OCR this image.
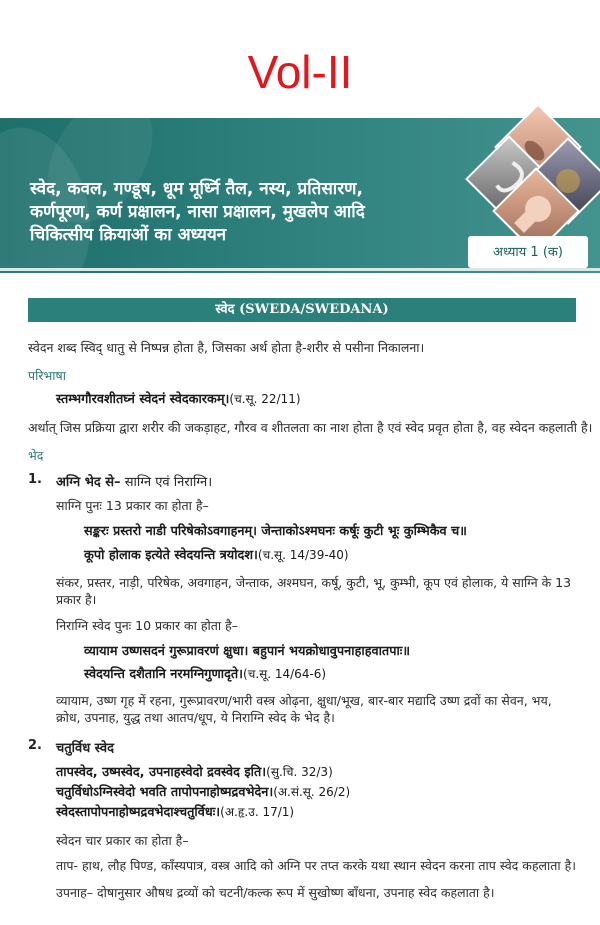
Vol-II
स्वेद, कवल, गण्डूष, धूम मूर्ध्नि तैल, नस्य, प्रतिसारण,
कर्णपूरण, कर्ण प्रक्षालन, नासा प्रक्षालन, मुखलेप आदि
चिकित्सीय क्रियाओं का अध्ययन
अध्याय 1 (क)
स्वेद (SWEDA/SWEDANA)
स्वेदन शब्द स्विद् धातु से निष्पन्न होता है, जिसका अर्थ होता है-शरीर से पसीना निकालना।
परिभाषा
स्तम्भगौरवशीतघ्नं स्वेदनं स्वेदकारकम्।(च.सू. 22/11)
अर्थात् जिस प्रक्रिया द्वारा शरीर की जकड़ाहट, गौरव व शीतलता का नाश होता है एवं स्वेद प्रवृत होता है, वह स्वेदन कहलाती है।
भेद
1. अग्नि भेद से– साग्नि एवं निराग्नि।
साग्नि पुनः 13 प्रकार का होता है–
सङ्करः प्रस्तरो नाडी परिषेकोऽवगाहनम्। जेन्ताकोऽश्मघनः कर्षूः कुटी भूः कुम्भिकैव च॥
कूपो होलाक इत्येते स्वेदयन्ति त्रयोदश।(च.सू. 14/39-40)
संकर, प्रस्तर, नाड़ी, परिषेक, अवगाहन, जेन्ताक, अश्मघन, कर्षू, कुटी, भू, कुम्भी, कूप एवं होलाक, ये साग्नि के 13 प्रकार है।
निराग्नि स्वेद पुनः 10 प्रकार का होता है–
व्यायाम उष्णसदनं गुरूप्रावरणं क्षुधा। बहुपानं भयक्रोधावुपनाहाहवातपाः॥
स्वेदयन्ति दशैतानि नरमग्निगुणादृते।(च.सू. 14/64-6)
व्यायाम, उष्ण गृह में रहना, गुरूप्रावरण/भारी वस्त्र ओढ़ना, क्षुधा/भूख, बार-बार मद्यादि उष्ण द्रवों का सेवन, भय, क्रोध, उपनाह, युद्ध तथा आतप/धूप, ये निराग्नि स्वेद के भेद है।
2. चतुर्विध स्वेद
तापस्वेद, उष्मस्वेद, उपनाहस्वेदो द्रवस्वेद इति।(सु.चि. 32/3)
चतुर्विधोऽग्निस्वेदो भवति तापोपनाहोष्मद्रवभेदेन।(अ.सं.सू. 26/2)
स्वेदस्तापोपनाहोष्मद्रवभेदाश्चतुर्विधः।(अ.हृ.उ. 17/1)
स्वेदन चार प्रकार का होता है–
ताप- हाथ, लौह पिण्ड, काँस्यपात्र, वस्त्र आदि को अग्नि पर तप्त करके यथा स्थान स्वेदन करना ताप स्वेद कहलाता है।
उपनाह– दोषानुसार औषध द्रव्यों को चटनी/कल्क रूप में सुखोष्ण बाँधना, उपनाह स्वेद कहलाता है।
